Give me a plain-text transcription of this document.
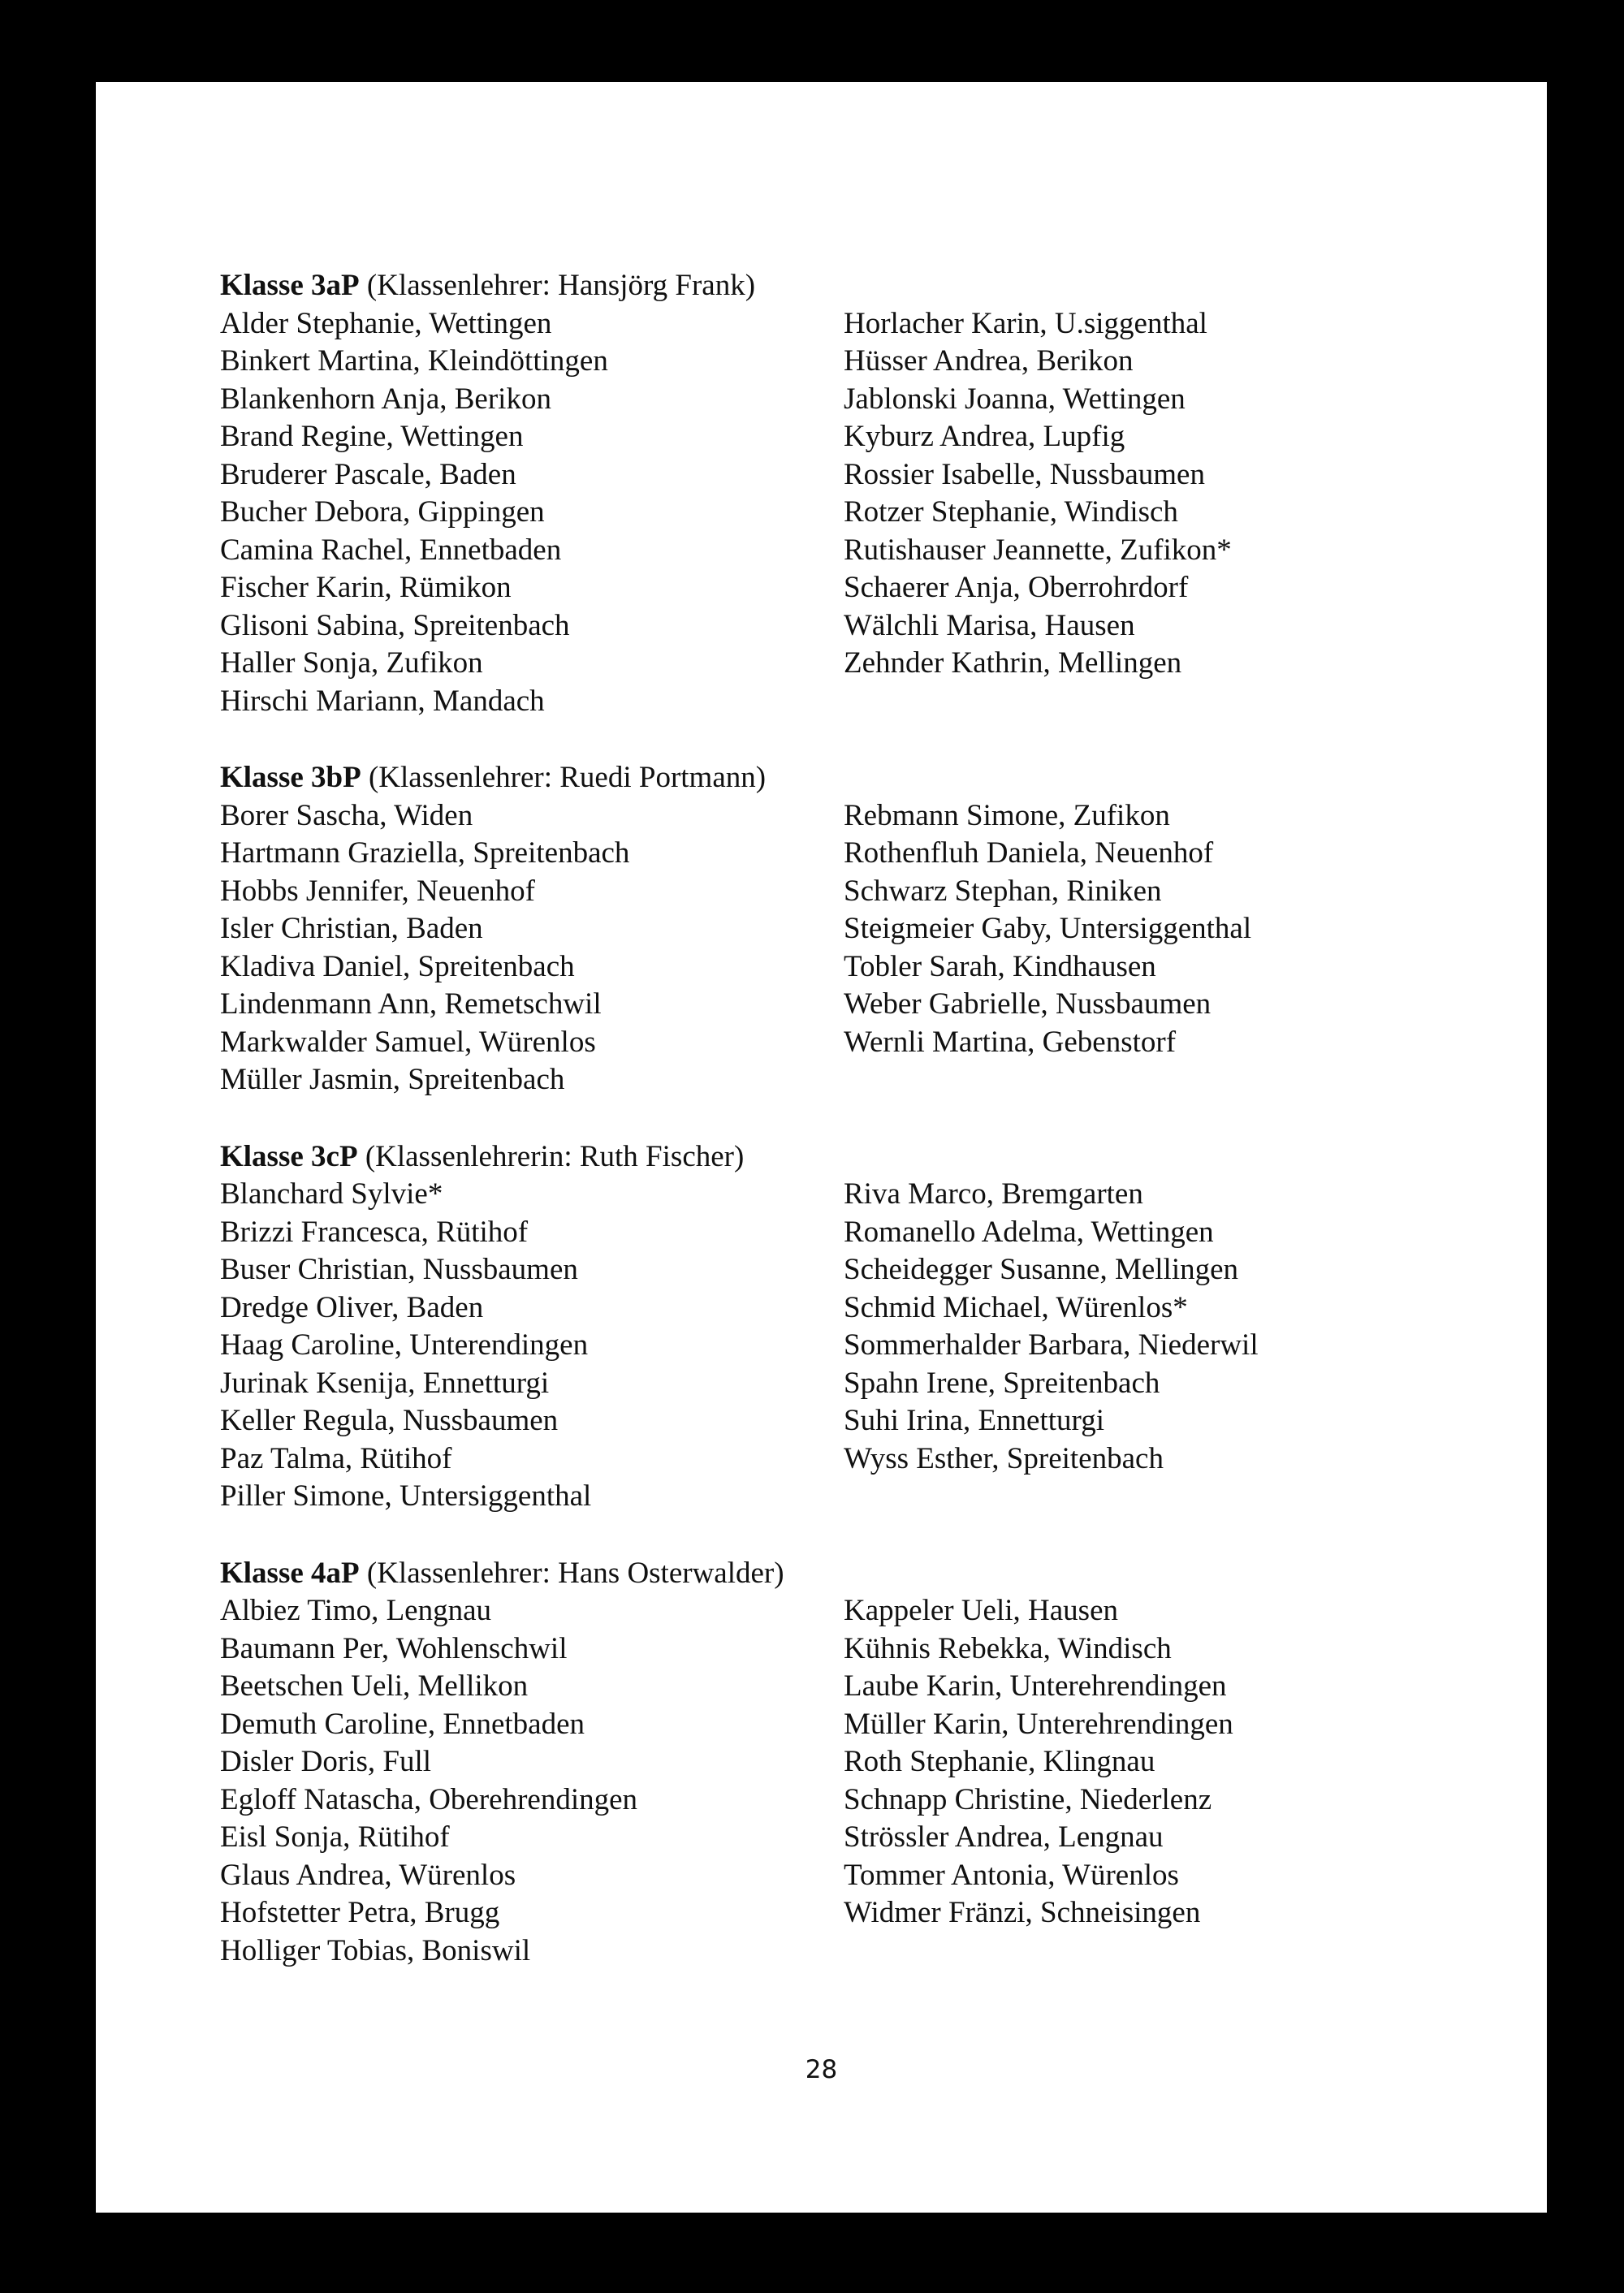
Klasse 3aP (Klassenlehrer: Hansjörg Frank)
Alder Stephanie, Wettingen
Binkert Martina, Kleindöttingen
Blankenhorn Anja, Berikon
Brand Regine, Wettingen
Bruderer Pascale, Baden
Bucher Debora, Gippingen
Camina Rachel, Ennetbaden
Fischer Karin, Rümikon
Glisoni Sabina, Spreitenbach
Haller Sonja, Zufikon
Hirschi Mariann, Mandach
Horlacher Karin, U.siggenthal
Hüsser Andrea, Berikon
Jablonski Joanna, Wettingen
Kyburz Andrea, Lupfig
Rossier Isabelle, Nussbaumen
Rotzer Stephanie, Windisch
Rutishauser Jeannette, Zufikon*
Schaerer Anja, Oberrohrdorf
Wälchli Marisa, Hausen
Zehnder Kathrin, Mellingen
Klasse 3bP (Klassenlehrer: Ruedi Portmann)
Borer Sascha, Widen
Hartmann Graziella, Spreitenbach
Hobbs Jennifer, Neuenhof
Isler Christian, Baden
Kladiva Daniel, Spreitenbach
Lindenmann Ann, Remetschwil
Markwalder Samuel, Würenlos
Müller Jasmin, Spreitenbach
Rebmann Simone, Zufikon
Rothenfluh Daniela, Neuenhof
Schwarz Stephan, Riniken
Steigmeier Gaby, Untersiggenthal
Tobler Sarah, Kindhausen
Weber Gabrielle, Nussbaumen
Wernli Martina, Gebenstorf
Klasse 3cP (Klassenlehrerin: Ruth Fischer)
Blanchard Sylvie*
Brizzi Francesca, Rütihof
Buser Christian, Nussbaumen
Dredge Oliver, Baden
Haag Caroline, Unterendingen
Jurinak Ksenija, Ennetturgi
Keller Regula, Nussbaumen
Paz Talma, Rütihof
Piller Simone, Untersiggenthal
Riva Marco, Bremgarten
Romanello Adelma, Wettingen
Scheidegger Susanne, Mellingen
Schmid Michael, Würenlos*
Sommerhalder Barbara, Niederwil
Spahn Irene, Spreitenbach
Suhi Irina, Ennetturgi
Wyss Esther, Spreitenbach
Klasse 4aP (Klassenlehrer: Hans Osterwalder)
Albiez Timo, Lengnau
Baumann Per, Wohlenschwil
Beetschen Ueli, Mellikon
Demuth Caroline, Ennetbaden
Disler Doris, Full
Egloff Natascha, Oberehrendingen
Eisl Sonja, Rütihof
Glaus Andrea, Würenlos
Hofstetter Petra, Brugg
Holliger Tobias, Boniswil
Kappeler Ueli, Hausen
Kühnis Rebekka, Windisch
Laube Karin, Unterehrendingen
Müller Karin, Unterehrendingen
Roth Stephanie, Klingnau
Schnapp Christine, Niederlenz
Strössler Andrea, Lengnau
Tommer Antonia, Würenlos
Widmer Fränzi, Schneisingen
28
